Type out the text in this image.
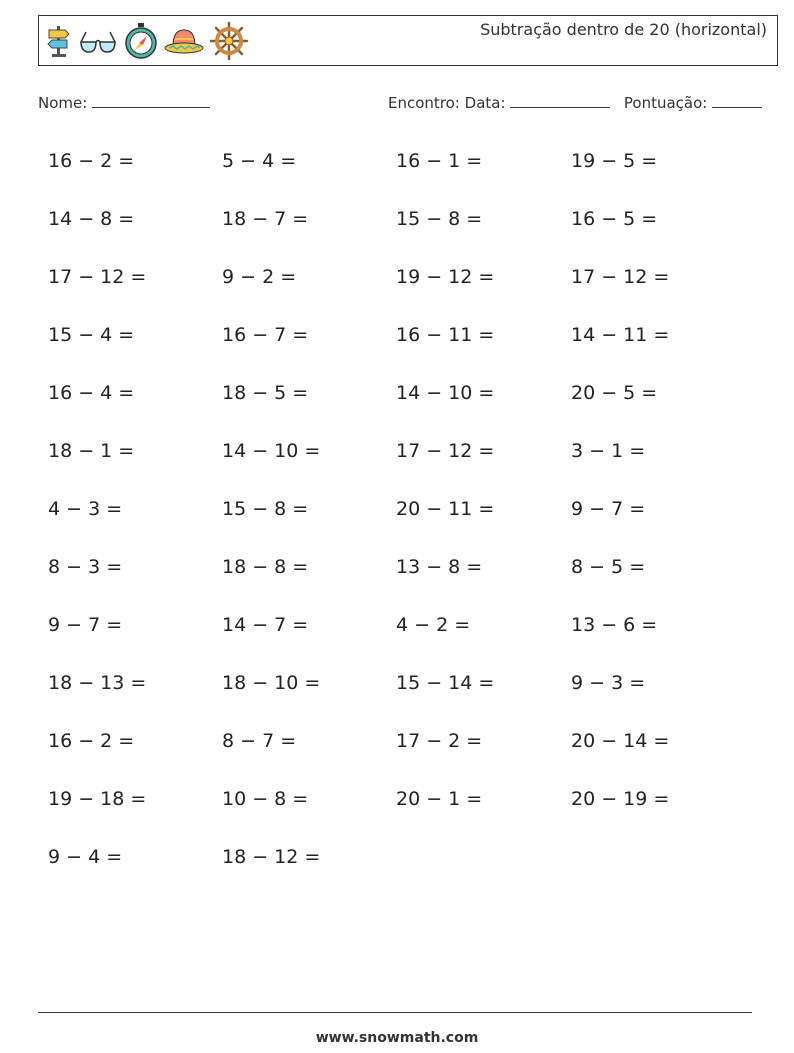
Subtração dentro de 20 (horizontal)
Nome:	Encontro: Data:	Pontuação:
16 − 2 =	5 − 4 =	16 − 1 =	19 − 5 =
14 − 8 =	18 − 7 =	15 − 8 =	16 − 5 =
17 − 12 =	9 − 2 =	19 − 12 =	17 − 12 =
15 − 4 =	16 − 7 =	16 − 11 =	14 − 11 =
16 − 4 =	18 − 5 =	14 − 10 =	20 − 5 =
18 − 1 =	14 − 10 =	17 − 12 =	3 − 1 =
4 − 3 =	15 − 8 =	20 − 11 =	9 − 7 =
8 − 3 =	18 − 8 =	13 − 8 =	8 − 5 =
9 − 7 =	14 − 7 =	4 − 2 =	13 − 6 =
18 − 13 =	18 − 10 =	15 − 14 =	9 − 3 =
16 − 2 =	8 − 7 =	17 − 2 =	20 − 14 =
19 − 18 =	10 − 8 =	20 − 1 =	20 − 19 =
9 − 4 =	18 − 12 =
www.snowmath.com
